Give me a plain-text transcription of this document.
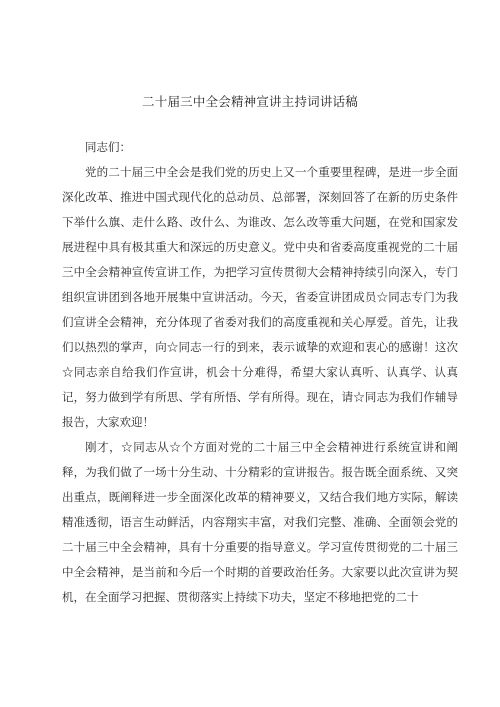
二十届三中全会精神宣讲主持词讲话稿

同志们：

党的二十届三中全会是我们党的历史上又一个重要里程碑，是进一步全面深化改革、推进中国式现代化的总动员、总部署，深刻回答了在新的历史条件下举什么旗、走什么路、改什么、为谁改、怎么改等重大问题，在党和国家发展进程中具有极其重大和深远的历史意义。党中央和省委高度重视党的二十届三中全会精神宣传宣讲工作，为把学习宣传贯彻大会精神持续引向深入，专门组织宣讲团到各地开展集中宣讲活动。今天，省委宣讲团成员☆同志专门为我们宣讲全会精神，充分体现了省委对我们的高度重视和关心厚爱。首先，让我们以热烈的掌声，向☆同志一行的到来，表示诚挚的欢迎和衷心的感谢！这次☆同志亲自给我们作宣讲，机会十分难得，希望大家认真听、认真学、认真记，努力做到学有所思、学有所悟、学有所得。现在，请☆同志为我们作辅导报告，大家欢迎！

刚才，☆同志从☆个方面对党的二十届三中全会精神进行系统宣讲和阐释，为我们做了一场十分生动、十分精彩的宣讲报告。报告既全面系统、又突出重点，既阐释进一步全面深化改革的精神要义，又结合我们地方实际，解读精准透彻，语言生动鲜活，内容翔实丰富，对我们完整、准确、全面领会党的二十届三中全会精神，具有十分重要的指导意义。学习宣传贯彻党的二十届三中全会精神，是当前和今后一个时期的首要政治任务。大家要以此次宣讲为契机，在全面学习把握、贯彻落实上持续下功夫，坚定不移地把党的二十
